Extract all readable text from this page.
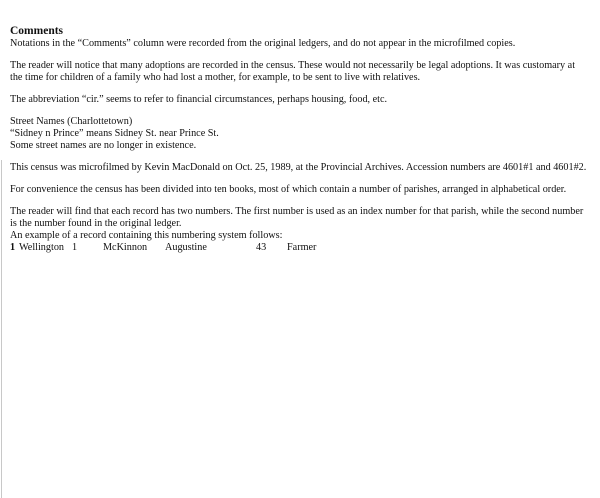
Comments
Notations in the “Comments” column were recorded from the original ledgers, and do not appear in the microfilmed copies.
The reader will notice that many adoptions are recorded in the census. These would not necessarily be legal adoptions. It was customary at
the time for children of a family who had lost a mother, for example, to be sent to live with relatives.
The abbreviation “cir.” seems to refer to financial circumstances, perhaps housing, food, etc.
Street Names (Charlottetown)
“Sidney n Prince” means Sidney St. near Prince St.
Some street names are no longer in existence.
This census was microfilmed by Kevin MacDonald on Oct. 25, 1989, at the Provincial Archives. Accession numbers are 4601#1 and 4601#2.
For convenience the census has been divided into ten books, most of which contain a number of parishes, arranged in alphabetical order.
The reader will find that each record has two numbers. The first number is used as an index number for that parish, while the second number
is the number found in the original ledger.
An example of a record containing this numbering system follows:
1 Wellington 1	McKinnon Augustine	43 Farmer
